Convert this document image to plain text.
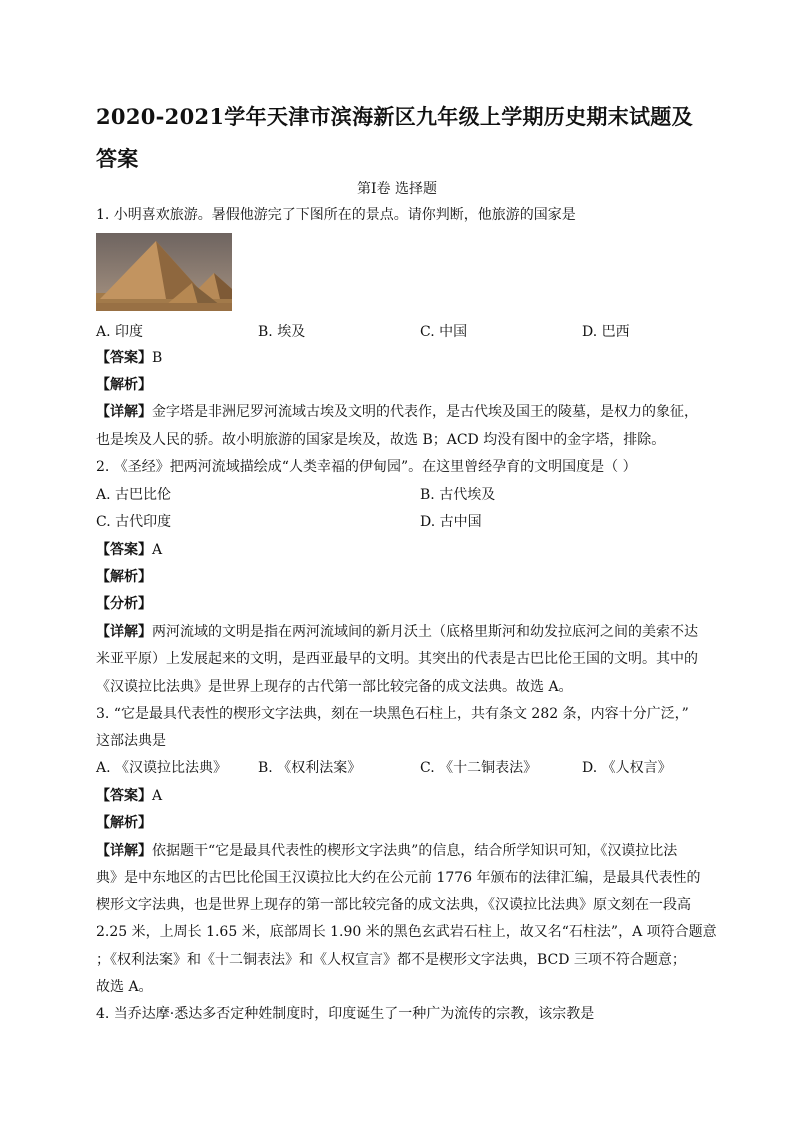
2020-2021学年天津市滨海新区九年级上学期历史期末试题及答案
第I卷 选择题
1. 小明喜欢旅游。暑假他游完了下图所在的景点。请你判断，他旅游的国家是
A. 印度	B. 埃及	C. 中国	D. 巴西
【答案】B
【解析】
【详解】金字塔是非洲尼罗河流域古埃及文明的代表作，是古代埃及国王的陵墓，是权力的象征，
也是埃及人民的骄。故小明旅游的国家是埃及，故选 B；ACD 均没有图中的金字塔，排除。
2. 《圣经》把两河流域描绘成“人类幸福的伊甸园”。在这里曾经孕育的文明国度是（ ）
A. 古巴比伦	B. 古代埃及
C. 古代印度	D. 古中国
【答案】A
【解析】
【分析】
【详解】两河流域的文明是指在两河流域间的新月沃土（底格里斯河和幼发拉底河之间的美索不达
米亚平原）上发展起来的文明，是西亚最早的文明。其突出的代表是古巴比伦王国的文明。其中的
《汉谟拉比法典》是世界上现存的古代第一部比较完备的成文法典。故选 A。
3. “它是最具代表性的楔形文字法典，刻在一块黑色石柱上，共有条文 282 条，内容十分广泛，”
这部法典是
A. 《汉谟拉比法典》 B. 《权利法案》	C. 《十二铜表法》	D. 《人权言》
【答案】A
【解析】
【详解】依据题干“它是最具代表性的楔形文字法典”的信息，结合所学知识可知，《汉谟拉比法
典》是中东地区的古巴比伦国王汉谟拉比大约在公元前 1776 年颁布的法律汇编，是最具代表性的
楔形文字法典，也是世界上现存的第一部比较完备的成文法典，《汉谟拉比法典》原文刻在一段高
2.25 米，上周长 1.65 米，底部周长 1.90 米的黑色玄武岩石柱上，故又名“石柱法”，A 项符合题意
；《权利法案》和《十二铜表法》和《人权宣言》都不是楔形文字法典，BCD 三项不符合题意；
故选 A。
4. 当乔达摩·悉达多否定种姓制度时，印度诞生了一种广为流传的宗教，该宗教是
